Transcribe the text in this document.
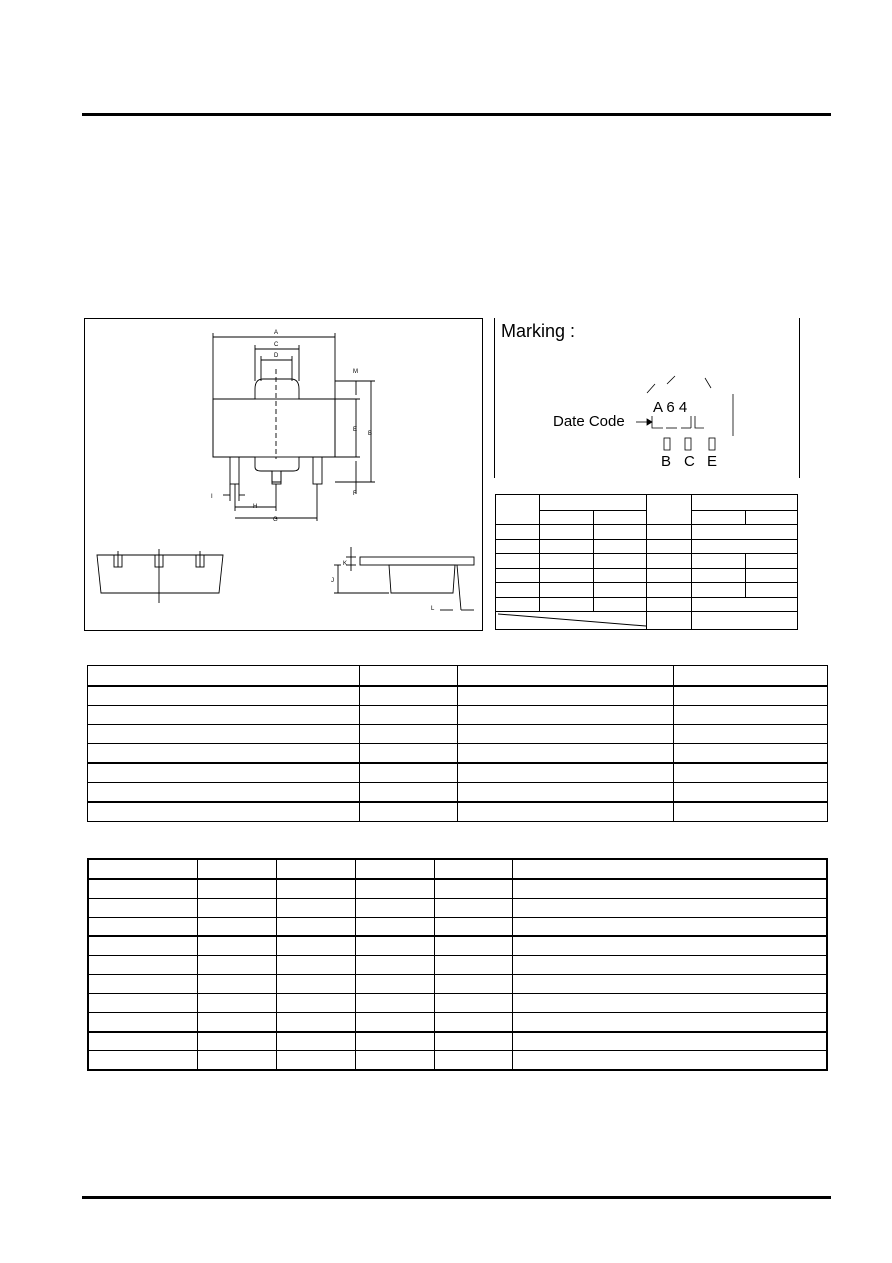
A
C
D
M
E
B
F
I
H
G
K
J
L
Marking :
A 6 4
Date Code
B C E
